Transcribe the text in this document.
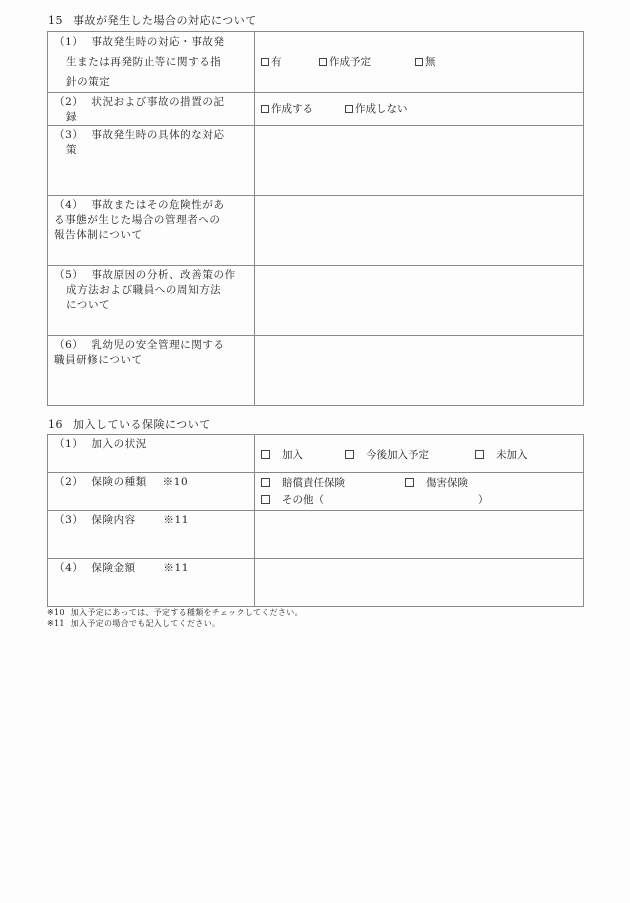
15 事故が発生した場合の対応について
（1） 事故発生時の対応・事故発
生または再発防止等に関する指
針の策定	有 作成予定 無
（2） 状況および事故の措置の記
録	作成する 作成しない
（3） 事故発生時の具体的な対応
策	

（4） 事故またはその危険性があ
る事態が生じた場合の管理者への
報告体制について	
（5） 事故原因の分析、改善策の作
成方法および職員への周知方法
について	

（6） 乳幼児の安全管理に関する
職員研修について	
16 加入している保険について
（1） 加入の状況	加入 今後加入予定 未加入
（2） 保険の種類 ※10	賠償責任保険 傷害保険
その他（ ）
（3） 保険内容 ※11	
（4） 保険金額 ※11	
※10 加入予定にあっては、予定する種類をチェックしてください。
※11 加入予定の場合でも記入してください。
